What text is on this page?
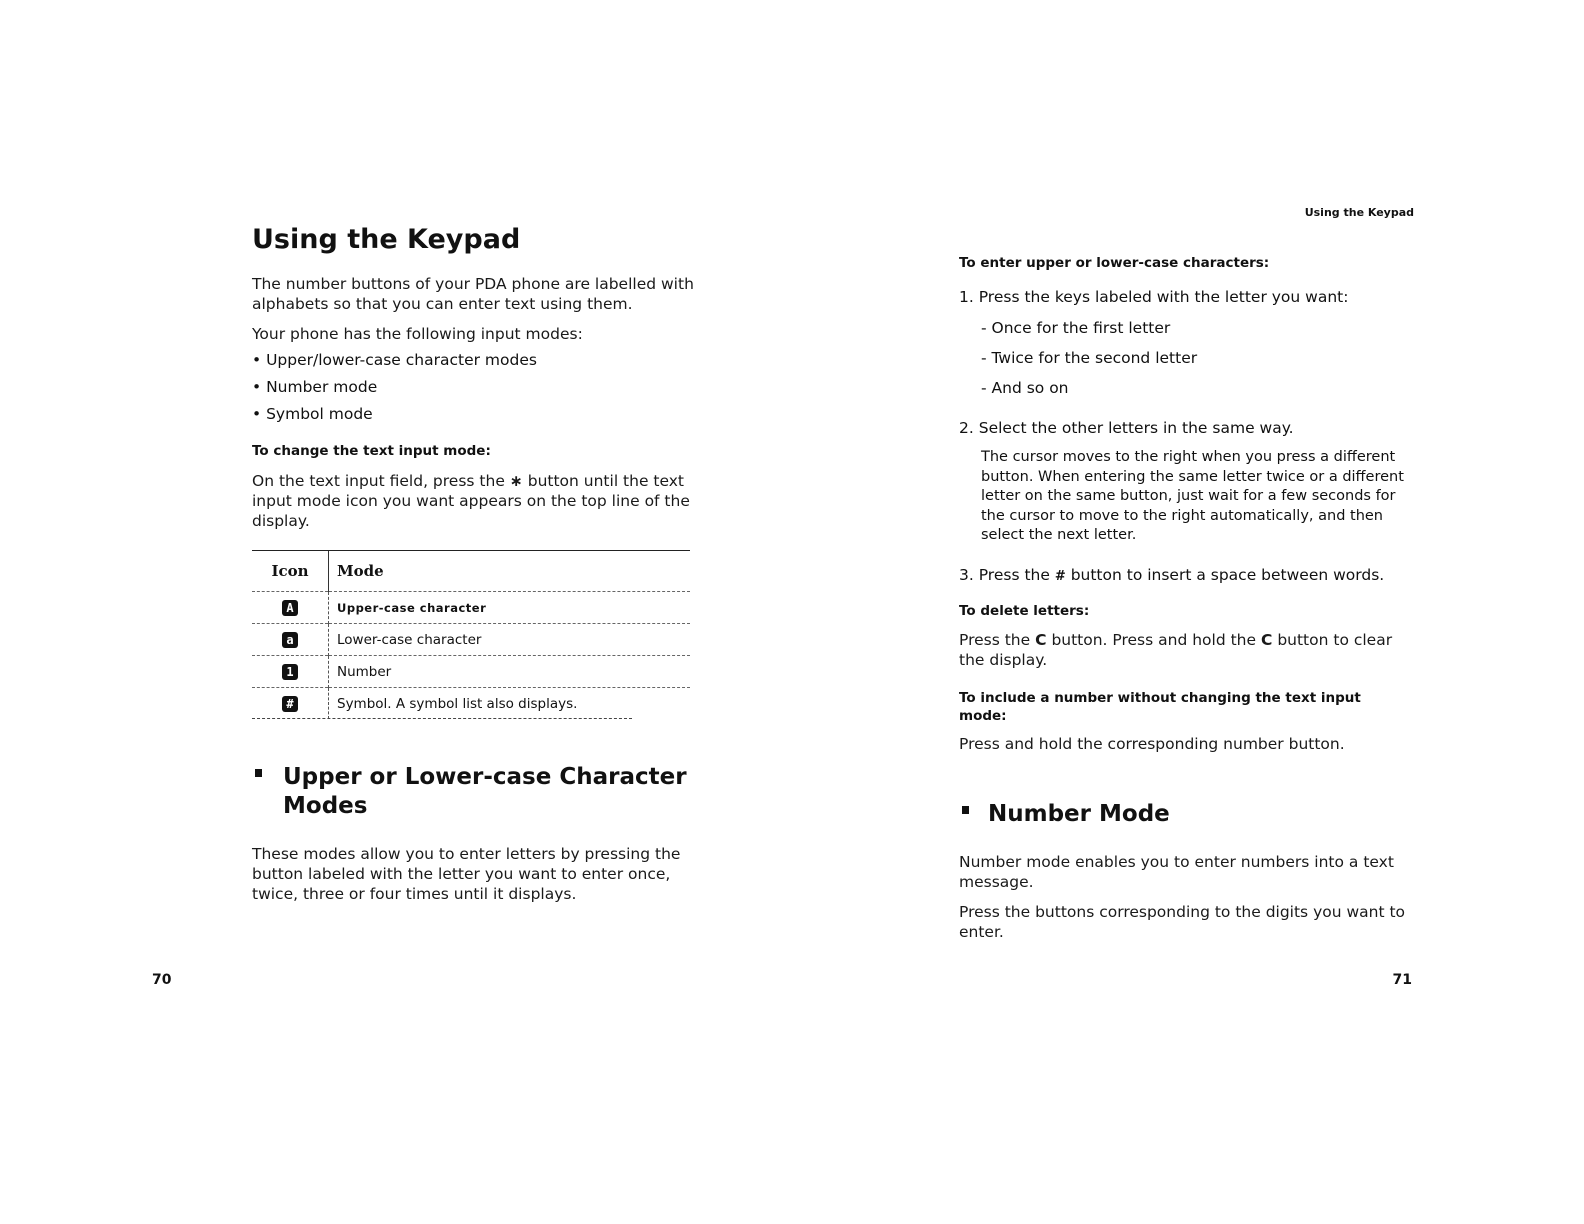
Using the Keypad

The number buttons of your PDA phone are labelled with alphabets so that you can enter text using them.

Your phone has the following input modes:

• Upper/lower-case character modes
• Number mode
• Symbol mode

To change the text input mode:

On the text input field, press the ∗ button until the text input mode icon you want appears on the top line of the display.

Icon	Mode
A	Upper-case character
a	Lower-case character
1	Number
#	Symbol. A symbol list also displays.
Upper or Lower-case Character Modes

These modes allow you to enter letters by pressing the button labeled with the letter you want to enter once, twice, three or four times until it displays.

70

Using the Keypad

To enter upper or lower-case characters:

1. Press the keys labeled with the letter you want:

- Once for the first letter

- Twice for the second letter

- And so on

2. Select the other letters in the same way.

The cursor moves to the right when you press a different button. When entering the same letter twice or a different letter on the same button, just wait for a few seconds for the cursor to move to the right automatically, and then select the next letter.

3. Press the # button to insert a space between words.

To delete letters:

Press the C button. Press and hold the C button to clear the display.

To include a number without changing the text input mode:

Press and hold the corresponding number button.

Number Mode

Number mode enables you to enter numbers into a text message.

Press the buttons corresponding to the digits you want to enter.

71
